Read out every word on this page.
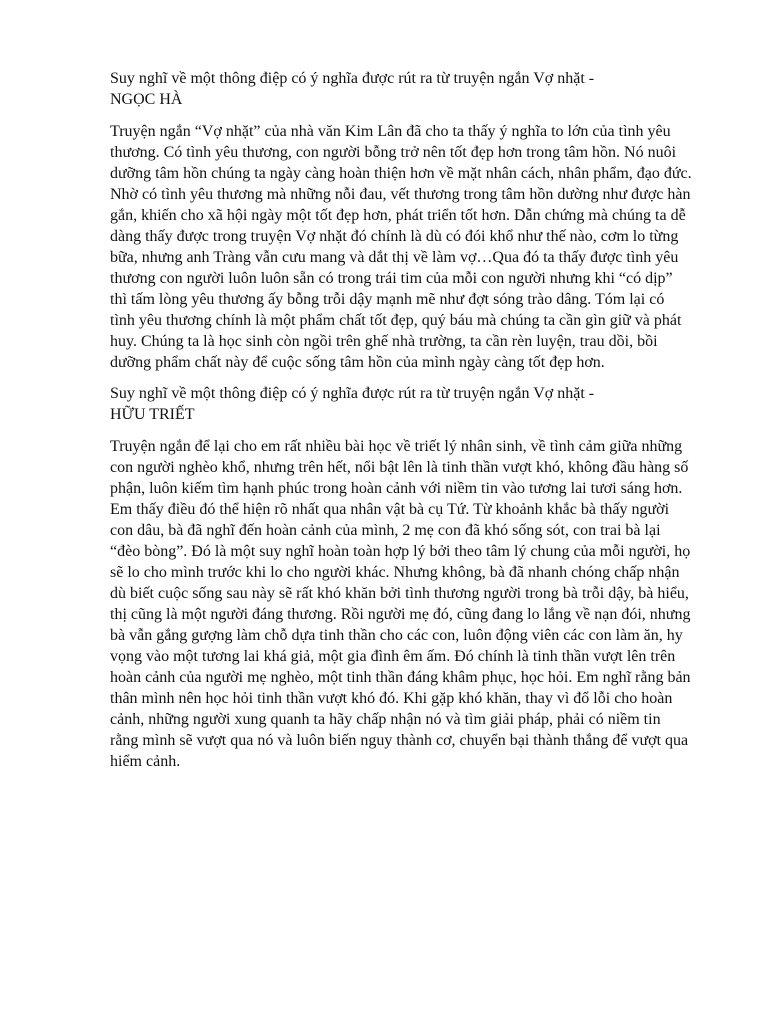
Suy nghĩ về một thông điệp có ý nghĩa được rút ra từ truyện ngắn Vợ nhặt -
NGỌC HÀ

Truyện ngắn “Vợ nhặt” của nhà văn Kim Lân đã cho ta thấy ý nghĩa to lớn của tình yêu thương. Có tình yêu thương, con người bỗng trở nên tốt đẹp hơn trong tâm hồn. Nó nuôi dưỡng tâm hồn chúng ta ngày càng hoàn thiện hơn về mặt nhân cách, nhân phẩm, đạo đức. Nhờ có tình yêu thương mà những nỗi đau, vết thương trong tâm hồn dường như được hàn gắn, khiến cho xã hội ngày một tốt đẹp hơn, phát triển tốt hơn. Dẫn chứng mà chúng ta dễ dàng thấy được trong truyện Vợ nhặt đó chính là dù có đói khổ như thế nào, cơm lo từng bữa, nhưng anh Tràng vẫn cưu mang và dắt thị về làm vợ…Qua đó ta thấy được tình yêu thương con người luôn luôn sẵn có trong trái tim của mỗi con người nhưng khi “có dịp” thì tấm lòng yêu thương ấy bỗng trỗi dậy mạnh mẽ như đợt sóng trào dâng. Tóm lại có tình yêu thương chính là một phẩm chất tốt đẹp, quý báu mà chúng ta cần gìn giữ và phát huy. Chúng ta là học sinh còn ngồi trên ghế nhà trường, ta cần rèn luyện, trau dồi, bồi dưỡng phẩm chất này để cuộc sống tâm hồn của mình ngày càng tốt đẹp hơn.

Suy nghĩ về một thông điệp có ý nghĩa được rút ra từ truyện ngắn Vợ nhặt -
HỮU TRIẾT

Truyện ngắn để lại cho em rất nhiều bài học về triết lý nhân sinh, về tình cảm giữa những con người nghèo khổ, nhưng trên hết, nổi bật lên là tinh thần vượt khó, không đầu hàng số phận, luôn kiếm tìm hạnh phúc trong hoàn cảnh với niềm tin vào tương lai tươi sáng hơn. Em thấy điều đó thể hiện rõ nhất qua nhân vật bà cụ Tứ. Từ khoảnh khắc bà thấy người con dâu, bà đã nghĩ đến hoàn cảnh của mình, 2 mẹ con đã khó sống sót, con trai bà lại “đèo bòng”. Đó là một suy nghĩ hoàn toàn hợp lý bởi theo tâm lý chung của mỗi người, họ sẽ lo cho mình trước khi lo cho người khác. Nhưng không, bà đã nhanh chóng chấp nhận dù biết cuộc sống sau này sẽ rất khó khăn bởi tình thương người trong bà trỗi dậy, bà hiểu, thị cũng là một người đáng thương. Rồi người mẹ đó, cũng đang lo lắng về nạn đói, nhưng bà vẫn gắng gượng làm chỗ dựa tinh thần cho các con, luôn động viên các con làm ăn, hy vọng vào một tương lai khá giả, một gia đình êm ấm. Đó chính là tinh thần vượt lên trên hoàn cảnh của người mẹ nghèo, một tinh thần đáng khâm phục, học hỏi. Em nghĩ rằng bản thân mình nên học hỏi tinh thần vượt khó đó. Khi gặp khó khăn, thay vì đổ lỗi cho hoàn cảnh, những người xung quanh ta hãy chấp nhận nó và tìm giải pháp, phải có niềm tin rằng mình sẽ vượt qua nó và luôn biến nguy thành cơ, chuyển bại thành thắng để vượt qua hiểm cảnh.
